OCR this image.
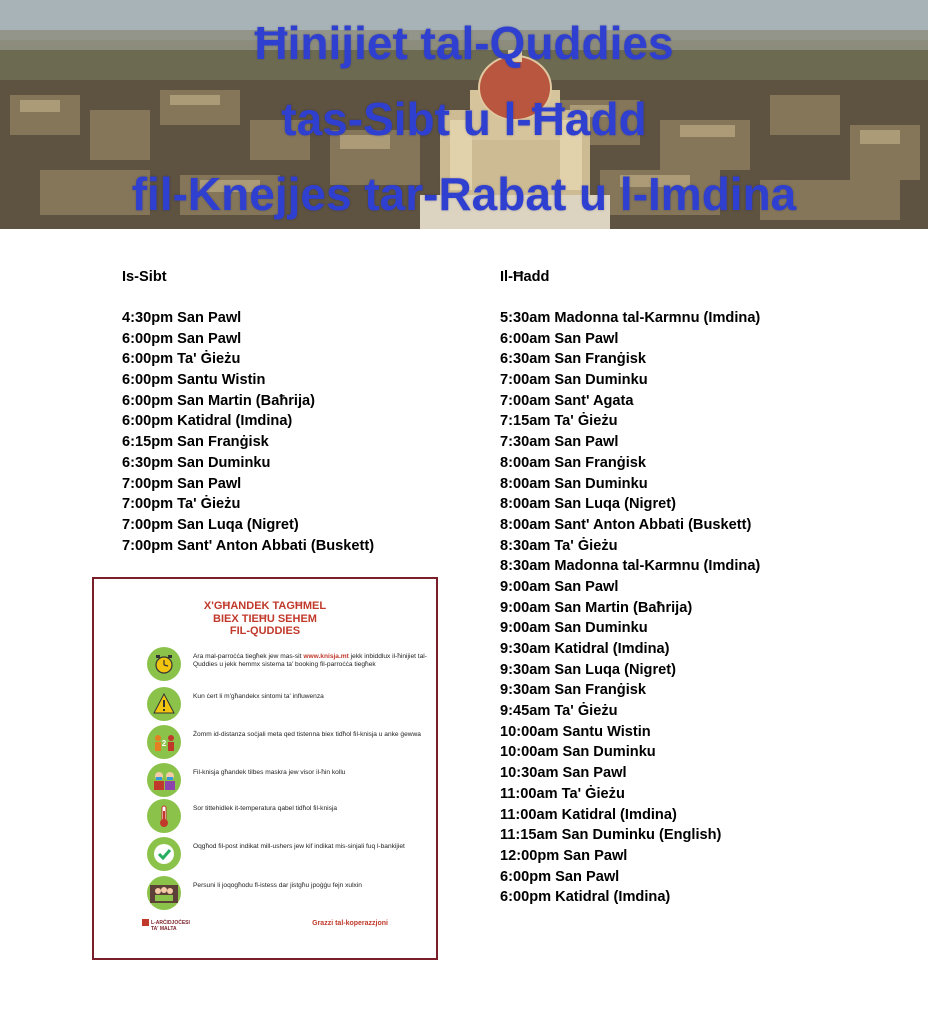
Ħinijiet tal-Quddies
tas-Sibt u l-Ħadd
fil-Knejjes tar-Rabat u l-Imdina
Is-Sibt
4:30pm San Pawl
6:00pm San Pawl
6:00pm Ta' Ġieżu
6:00pm Santu Wistin
6:00pm San Martin (Baħrija)
6:00pm Katidral (Imdina)
6:15pm San Franġisk
6:30pm San Duminku
7:00pm San Pawl
7:00pm Ta' Ġieżu
7:00pm San Luqa (Nigret)
7:00pm Sant' Anton Abbati (Buskett)
Il-Ħadd
5:30am Madonna tal-Karmnu (Imdina)
6:00am San Pawl
6:30am San Franġisk
7:00am San Duminku
7:00am Sant' Agata
7:15am Ta' Ġieżu
7:30am San Pawl
8:00am San Franġisk
8:00am San Duminku
8:00am San Luqa (Nigret)
8:00am Sant' Anton Abbati (Buskett)
8:30am Ta' Ġieżu
8:30am Madonna tal-Karmnu (Imdina)
9:00am San Pawl
9:00am San Martin (Baħrija)
9:00am San Duminku
9:30am Katidral (Imdina)
9:30am San Luqa (Nigret)
9:30am San Franġisk
9:45am Ta' Ġieżu
10:00am Santu Wistin
10:00am San Duminku
10:30am San Pawl
11:00am Ta' Ġieżu
11:00am Katidral (Imdina)
11:15am San Duminku (English)
12:00pm San Pawl
6:00pm San Pawl
6:00pm Katidral (Imdina)
X'GĦANDEK TAGĦMEL
BIEX TIEĦU SEHEM
FIL-QUDDIES
Ara mal-parroċċa tiegħek jew mas-sit www.knisja.mt jekk inbiddlux il-ħinijiet tal-Quddies u jekk hemmx sistema ta' booking fil-parroċċa tiegħek
Kun ċert li m'għandekx sintomi ta' influwenza
2
Żomm id-distanza soċjali meta qed tistenna biex tidħol fil-knisja u anke ġewwa
Fil-knisja għandek tilbes maskra jew visor il-ħin kollu
Sor tittehidlek it-temperatura qabel tidħol fil-knisja
Oqgħod fil-post indikat mill-ushers jew kif indikat mis-sinjali fuq l-bankijiet
Persuni li joqogħodu fl-istess dar jistgħu jpoġġu fejn xulxin
L-ARĊIDJOĊESI
TA' MALTA
Grazzi tal-koperazzjoni
